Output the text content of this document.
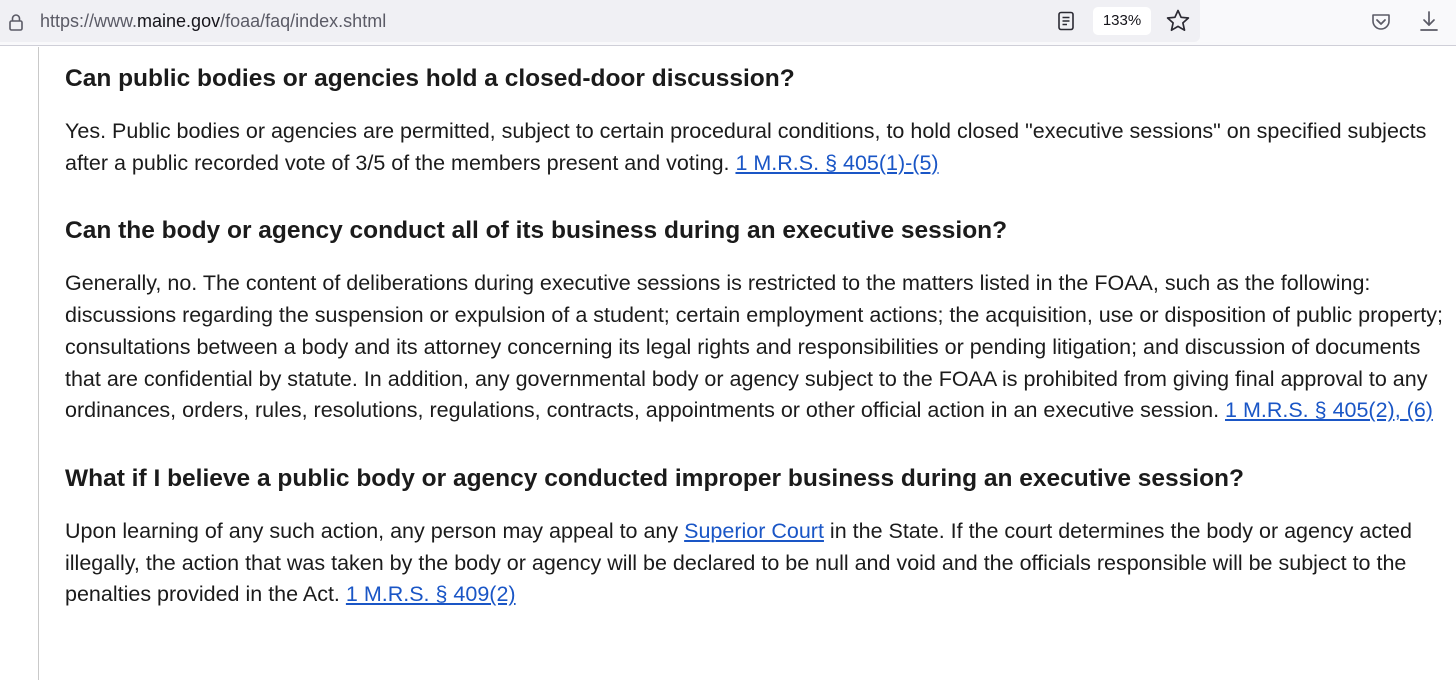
https://www.maine.gov/foaa/faq/index.shtml	133%
Can public bodies or agencies hold a closed-door discussion?

Yes. Public bodies or agencies are permitted, subject to certain procedural conditions, to hold closed "executive sessions" on specified subjects after a public recorded vote of 3/5 of the members present and voting. 1 M.R.S. § 405(1)-(5)

Can the body or agency conduct all of its business during an executive session?

Generally, no. The content of deliberations during executive sessions is restricted to the matters listed in the FOAA, such as the following: discussions regarding the suspension or expulsion of a student; certain employment actions; the acquisition, use or disposition of public property; consultations between a body and its attorney concerning its legal rights and responsibilities or pending litigation; and discussion of documents that are confidential by statute. In addition, any governmental body or agency subject to the FOAA is prohibited from giving final approval to any ordinances, orders, rules, resolutions, regulations, contracts, appointments or other official action in an executive session. 1 M.R.S. § 405(2), (6)

What if I believe a public body or agency conducted improper business during an executive session?

Upon learning of any such action, any person may appeal to any Superior Court in the State. If the court determines the body or agency acted illegally, the action that was taken by the body or agency will be declared to be null and void and the officials responsible will be subject to the penalties provided in the Act. 1 M.R.S. § 409(2)
